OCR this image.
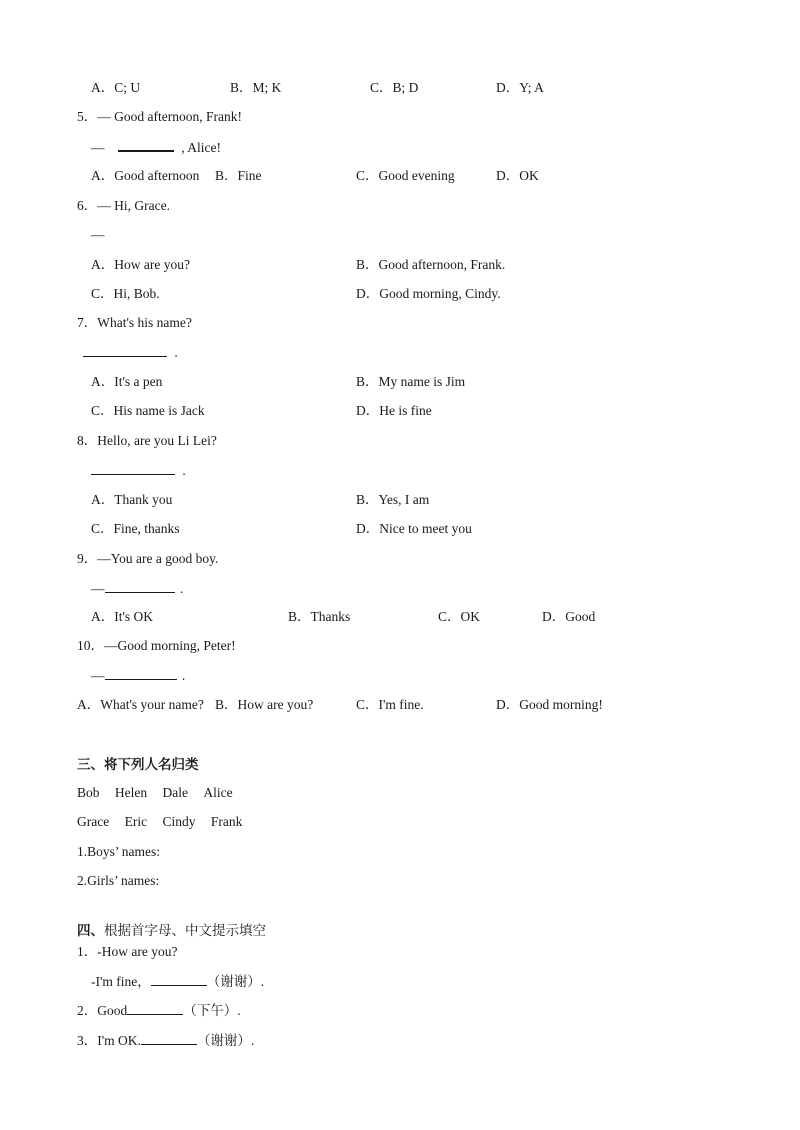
A．C; U	B．M; K	C．B; D	D．Y; A
5．— Good afternoon, Frank!
—	, Alice!
A．Good afternoon B．Fine	C．Good evening	D．OK
6．— Hi, Grace.
—
A．How are you?	B．Good afternoon, Frank.
C．Hi, Bob.	D．Good morning, Cindy.
7．What's his name?
.
A．It's a pen	B．My name is Jim
C．His name is Jack	D．He is fine
8．Hello, are you Li Lei?
.
A．Thank you	B．Yes, I am
C．Fine, thanks	D．Nice to meet you
9．—You are a good boy.
—	.
A．It's OK	B．Thanks	C．OK	D．Good
10．—Good morning, Peter!
—	.
A．What's your name? B．How are you?	C．I'm fine.	D．Good morning!
三、将下列人名归类
Bob Helen Dale Alice
Grace Eric Cindy Frank
1.Boys’ names:
2.Girls’ names:
四、根据首字母、中文提示填空
1．-How are you?
-I'm fine，	（谢谢）.
2．Good	（下午）.
3．I'm OK.	（谢谢）.
